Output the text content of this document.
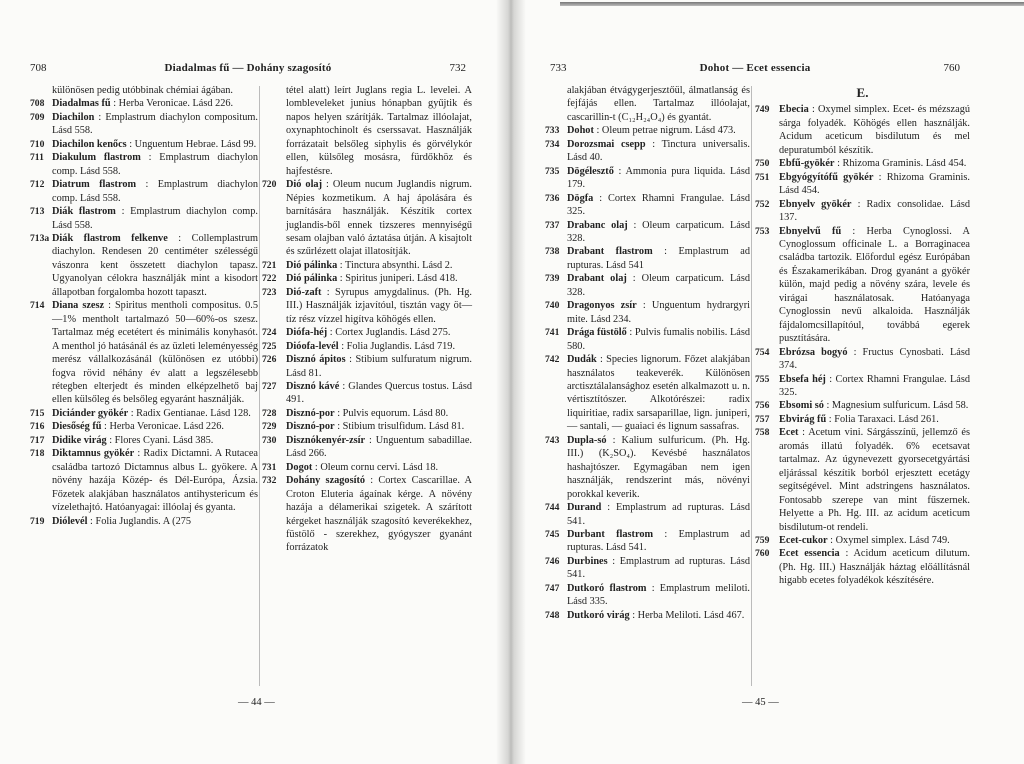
708	Diadalmas fű — Dohány szagosító	732	733	Dohot — Ecet essencia	760
különösen pedig utóbbinak chémiai ágában.
708 Diadalmas fű : Herba Veronicae. Lásd 226.
709 Diachilon : Emplastrum diachylon compositum. Lásd 558.
710 Diachilon kenőcs : Unguentum Hebrae. Lásd 99.
711 Diakulum flastrom : Emplastrum diachylon comp. Lásd 558.
712 Diatrum flastrom : Emplastrum diachylon comp. Lásd 558.
713 Diák flastrom : Emplastrum diachylon comp. Lásd 558.
713a Diák flastrom felkenve : Collemplastrum diachylon. Rendesen 20 centiméter szélességű vászonra kent összetett diachylon tapasz. Ugyanolyan célokra használják mint a kisodort állapotban forgalomba hozott tapaszt.
714 Diana szesz : Spiritus mentholi compositus. 0.5—1% mentholt tartalmazó 50—60%-os szesz. Tartalmaz még ecetétert és minimális konyhasót. A menthol jó hatásánál és az üzleti leleményesség merész vállalkozásánál (különösen ez utóbbi) fogva rövid néhány év alatt a legszélesebb rétegben elterjedt és minden elképzelhető baj ellen külsőleg és belsőleg egyaránt használják.
715 Diciánder gyökér : Radix Gentianae. Lásd 128.
716 Diesőség fű : Herba Veronicae. Lásd 226.
717 Didike virág : Flores Cyani. Lásd 385.
718 Diktamnus gyökér : Radix Dictamni. A Rutacea családba tartozó Dictamnus albus L. gyökere. A növény hazája Közép- és Dél-Európa, Ázsia. Főzetek alakjában használatos antihystericum és vízelethajtó. Hatóanyagai: illóolaj és gyanta.
719 Diólevél : Folia Juglandis. A (275
tétel alatt) leírt Juglans regia L. levelei. A lombleveleket junius hónapban gyűjtik és napos helyen szárítják. Tartalmaz illóolajat, oxynaphtochinolt és cserssavat. Használják forrázatait belsőleg siphylis és görvélykór ellen, külsőleg mosásra, fürdőkhöz és hajfestésre.
720 Dió olaj : Oleum nucum Juglandis nigrum. Népies kozmetikum. A haj ápolására és barnítására használják. Készítik cortex juglandis-ből ennek tizszeres mennyiségű sesam olajban való áztatása útján. A kisajtolt és szűrlézett olajat illatosítják.
721 Dió pálinka : Tinctura absynthi. Lásd 2.
722 Dió pálinka : Spiritus juniperi. Lásd 418.
723 Dió-zaft : Syrupus amygdalinus. (Ph. Hg. III.) Használják izjavítóul, tisztán vagy öt—tíz rész vízzel higítva köhögés ellen.
724 Diófa-héj : Cortex Juglandis. Lásd 275.
725 Dióofa-levél : Folia Juglandis. Lásd 719.
726 Disznó ápitos : Stibium sulfuratum nigrum. Lásd 81.
727 Disznó kávé : Glandes Quercus tostus. Lásd 491.
728 Disznó-por : Pulvis equorum. Lásd 80.
729 Disznó-por : Stibium trisulfidum. Lásd 81.
730 Disznókenyér-zsír : Unguentum sabadillae. Lásd 266.
731 Dogot : Oleum cornu cervi. Lásd 18.
732 Dohány szagosító : Cortex Cascarillae. A Croton Eluteria ágaínak kérge. A növény hazája a délamerikai szigetek. A szárított kérgeket használják szagosító keverékekhez, füstölő - szerekhez, gyógyszer gyanánt forrázatok
alakjában étvágygerjesztőül, álmatlanság és fejfájás ellen. Tartalmaz illóolajat, cascarillin-t (C₁₂H₂₄O₄) és gyantát.
733 Dohot : Oleum petrae nigrum. Lásd 473.
734 Dorozsmai csepp : Tinctura universalis. Lásd 40.
735 Dögélesztő : Ammonia pura liquida. Lásd 179.
736 Dögfa : Cortex Rhamni Frangulae. Lásd 325.
737 Drabanc olaj : Oleum carpaticum. Lásd 328.
738 Drabant flastrom : Emplastrum ad rupturas. Lásd 541
739 Drabant olaj : Oleum carpaticum. Lásd 328.
740 Dragonyos zsír : Unguentum hydrargyri mite. Lásd 234.
741 Drága füstölő : Pulvis fumalis nobilis. Lásd 580.
742 Dudák : Species lignorum. Főzet alakjában használatos teakeverék. Különösen arctisztálalansághoz esetén alkalmazott u. n. vértisztítószer. Alkotórészei: radix liquiritiae, radix sarsaparillae, lign. juniperi, — santali, — guaiaci és lignum sassafras.
743 Dupla-só : Kalium sulfuricum. (Ph. Hg. III.) (K₂SO₄). Kevésbé használatos hashajtószer. Egymagában nem igen használják, rendszerint más, növényi porokkal keverik.
744 Durand : Emplastrum ad rupturas. Lásd 541.
745 Durbant flastrom : Emplastrum ad rupturas. Lásd 541.
746 Durbines : Emplastrum ad rupturas. Lásd 541.
747 Dutkoró flastrom : Emplastrum meliloti. Lásd 335.
748 Dutkoró virág : Herba Meliloti. Lásd 467.
E.
749 Ebecia : Oxymel simplex. Ecet- és mézszagú sárga folyadék. Köhögés ellen használják. Acidum aceticum bisdilutum és mel depuratumból készítik.
750 Ebfű-gyökér : Rhizoma Graminis. Lásd 454.
751 Ebgyógyítófű gyökér : Rhizoma Graminis. Lásd 454.
752 Ebnyelv gyökér : Radix consolidae. Lásd 137.
753 Ebnyelvű fű : Herba Cynoglossi. A Cynoglossum officinale L. a Borraginacea családba tartozik. Előfordul egész Európában és Északamerikában. Drog gyanánt a gyökér külön, majd pedig a növény szára, levele és virágai használatosak. Hatóanyaga Cynoglossin nevű alkaloida. Használják fájdalomcsillapítóul, továbbá egerek pusztítására.
754 Ebrózsa bogyó : Fructus Cynosbati. Lásd 374.
755 Ebsefa héj : Cortex Rhamni Frangulae. Lásd 325.
756 Ebsomi só : Magnesium sulfuricum. Lásd 58.
757 Ebvirág fű : Folia Taraxaci. Lásd 261.
758 Ecet : Acetum vini. Sárgásszínű, jellemző és aromás illatú folyadék. 6% ecetsavat tartalmaz. Az úgynevezett gyorsecetgyártási eljárással készítik borból erjesztett ecetágy segítségével. Mint adstringens használatos. Fontosabb szerepe van mint fűszernek. Helyette a Ph. Hg. III. az acidum aceticum bisdilutum-ot rendeli.
759 Ecet-cukor : Oxymel simplex. Lásd 749.
760 Ecet essencia : Acidum aceticum dilutum. (Ph. Hg. III.) Használják háztag előállításnál higabb ecetes folyadékok készítésére.
— 44 —	— 45 —
